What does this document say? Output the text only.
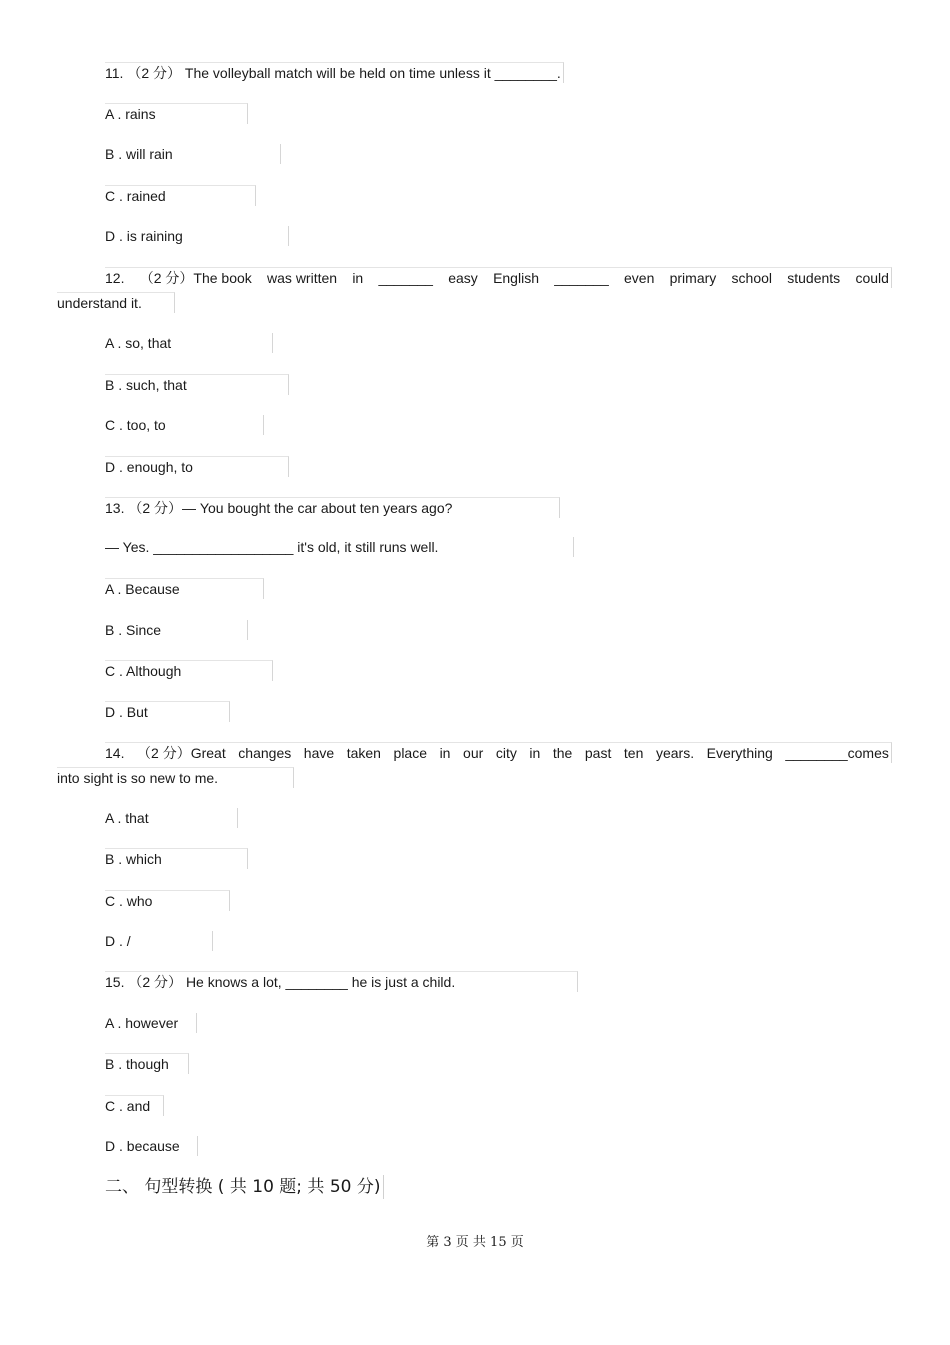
11. （2 分） The volleyball match will be held on time unless it ________.
A . rains
B . will rain
C . rained
D . is raining
12. （2 分）The book was written in _______ easy English _______ even primary school students could
understand it.
A . so, that
B . such, that
C . too, to
D . enough, to
13. （2 分）— You bought the car about ten years ago?
— Yes. __________________ it's old, it still runs well.
A . Because
B . Since
C . Although
D . But
14. （2 分）Great changes have taken place in our city in the past ten years. Everything ________comes
into sight is so new to me.
A . that
B . which
C . who
D . /
15. （2 分） He knows a lot, ________ he is just a child.
A . however
B . though
C . and
D . because
二、 句型转换 ( 共 10 题; 共 50 分)
第 3 页 共 15 页
